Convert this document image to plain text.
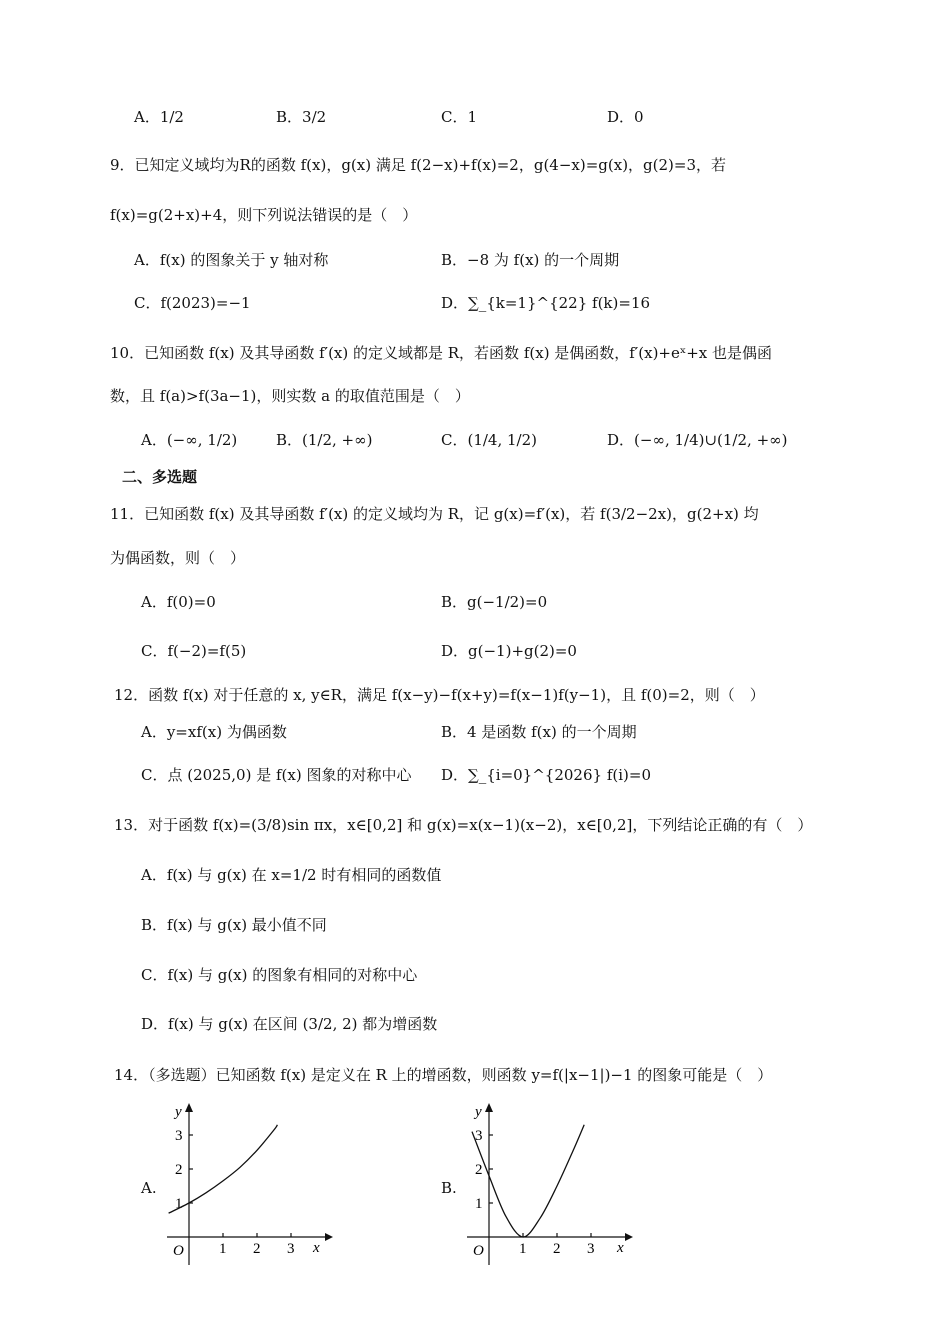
A．1/2	B．3/2	C．1	D．0
9．已知定义域均为R的函数 f(x)，g(x) 满足 f(2−x)+f(x)=2，g(4−x)=g(x)，g(2)=3，若
f(x)=g(2+x)+4，则下列说法错误的是（　）
A．f(x) 的图象关于 y 轴对称	B．−8 为 f(x) 的一个周期
C．f(2023)=−1	D．∑_{k=1}^{22} f(k)=16
10．已知函数 f(x) 及其导函数 f′(x) 的定义域都是 R，若函数 f(x) 是偶函数，f′(x)+eˣ+x 也是偶函
数，且 f(a)>f(3a−1)，则实数 a 的取值范围是（　）
A．(−∞, 1/2)	B．(1/2, +∞)	C．(1/4, 1/2)	D．(−∞, 1/4)∪(1/2, +∞)
二、多选题
11．已知函数 f(x) 及其导函数 f′(x) 的定义域均为 R，记 g(x)=f′(x)，若 f(3/2−2x)，g(2+x) 均
为偶函数，则（　）
A．f(0)=0	B．g(−1/2)=0
C．f(−2)=f(5)	D．g(−1)+g(2)=0
12．函数 f(x) 对于任意的 x, y∈R，满足 f(x−y)−f(x+y)=f(x−1)f(y−1)，且 f(0)=2，则（　）
A．y=xf(x) 为偶函数	B．4 是函数 f(x) 的一个周期
C．点 (2025,0) 是 f(x) 图象的对称中心 D．∑_{i=0}^{2026} f(i)=0
13．对于函数 f(x)=(3/8)sin πx，x∈[0,2] 和 g(x)=x(x−1)(x−2)，x∈[0,2]，下列结论正确的有（　）
A．f(x) 与 g(x) 在 x=1/2 时有相同的函数值
B．f(x) 与 g(x) 最小值不同
C．f(x) 与 g(x) 的图象有相同的对称中心
D．f(x) 与 g(x) 在区间 (3/2, 2) 都为增函数
14．（多选题）已知函数 f(x) 是定义在 R 上的增函数，则函数 y=f(|x−1|)−1 的图象可能是（　）
A.	B.
1 2 3
1
2
3
y
x
O	1 2 3
1
2
3
y
x
O
